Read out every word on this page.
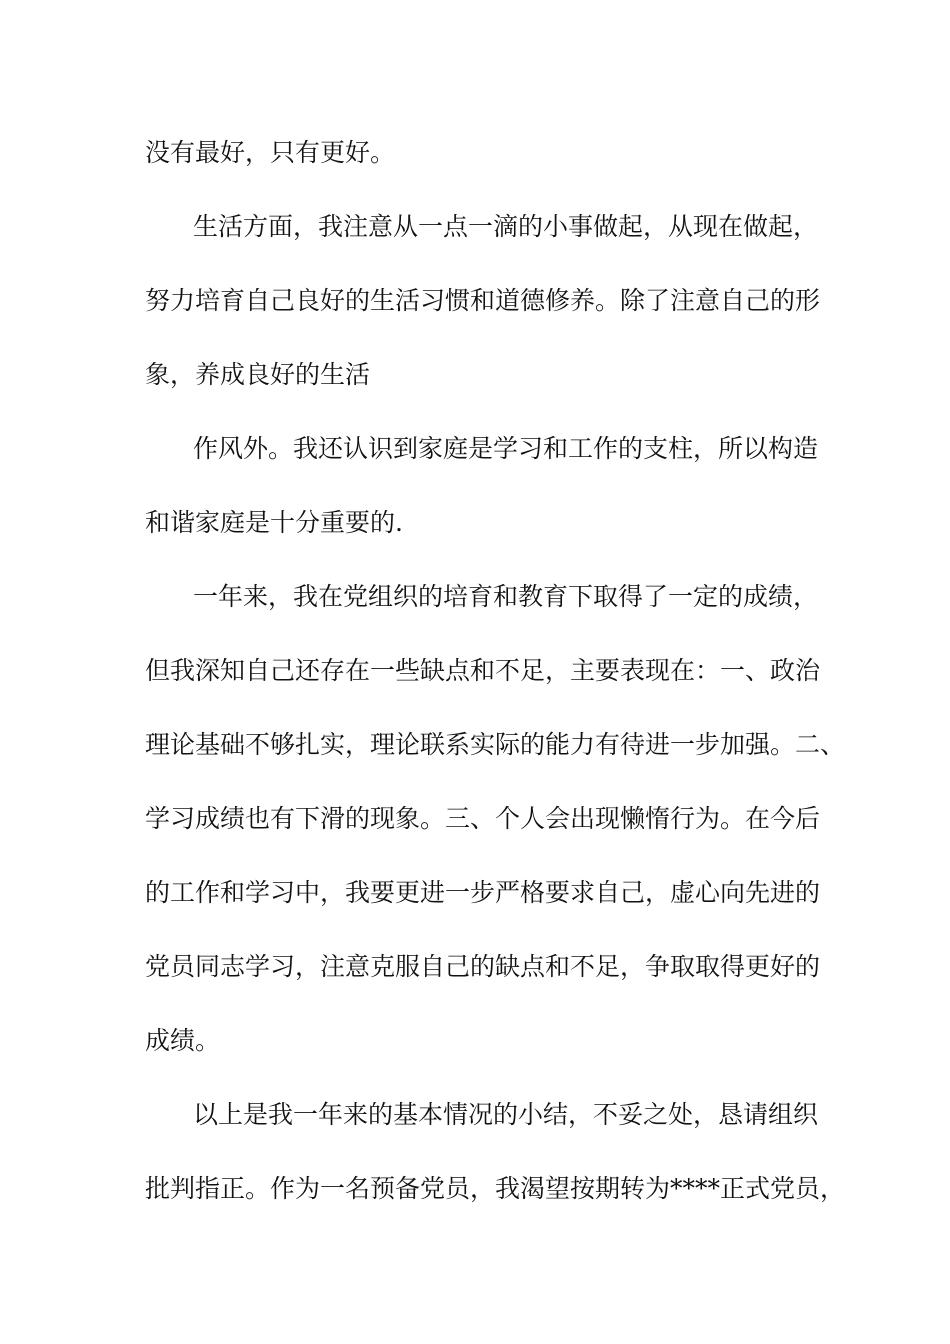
没有最好，只有更好。

生活方面，我注意从一点一滴的小事做起，从现在做起，

努力培育自己良好的生活习惯和道德修养。除了注意自己的形

象，养成良好的生活

作风外。我还认识到家庭是学习和工作的支柱，所以构造

和谐家庭是十分重要的.

一年来，我在党组织的培育和教育下取得了一定的成绩，

但我深知自己还存在一些缺点和不足，主要表现在：一、政治

理论基础不够扎实，理论联系实际的能力有待进一步加强。二、

学习成绩也有下滑的现象。三、个人会出现懒惰行为。在今后

的工作和学习中，我要更进一步严格要求自己，虚心向先进的

党员同志学习，注意克服自己的缺点和不足，争取取得更好的

成绩。

以上是我一年来的基本情况的小结，不妥之处，恳请组织

批判指正。作为一名预备党员，我渴望按期转为****正式党员，
